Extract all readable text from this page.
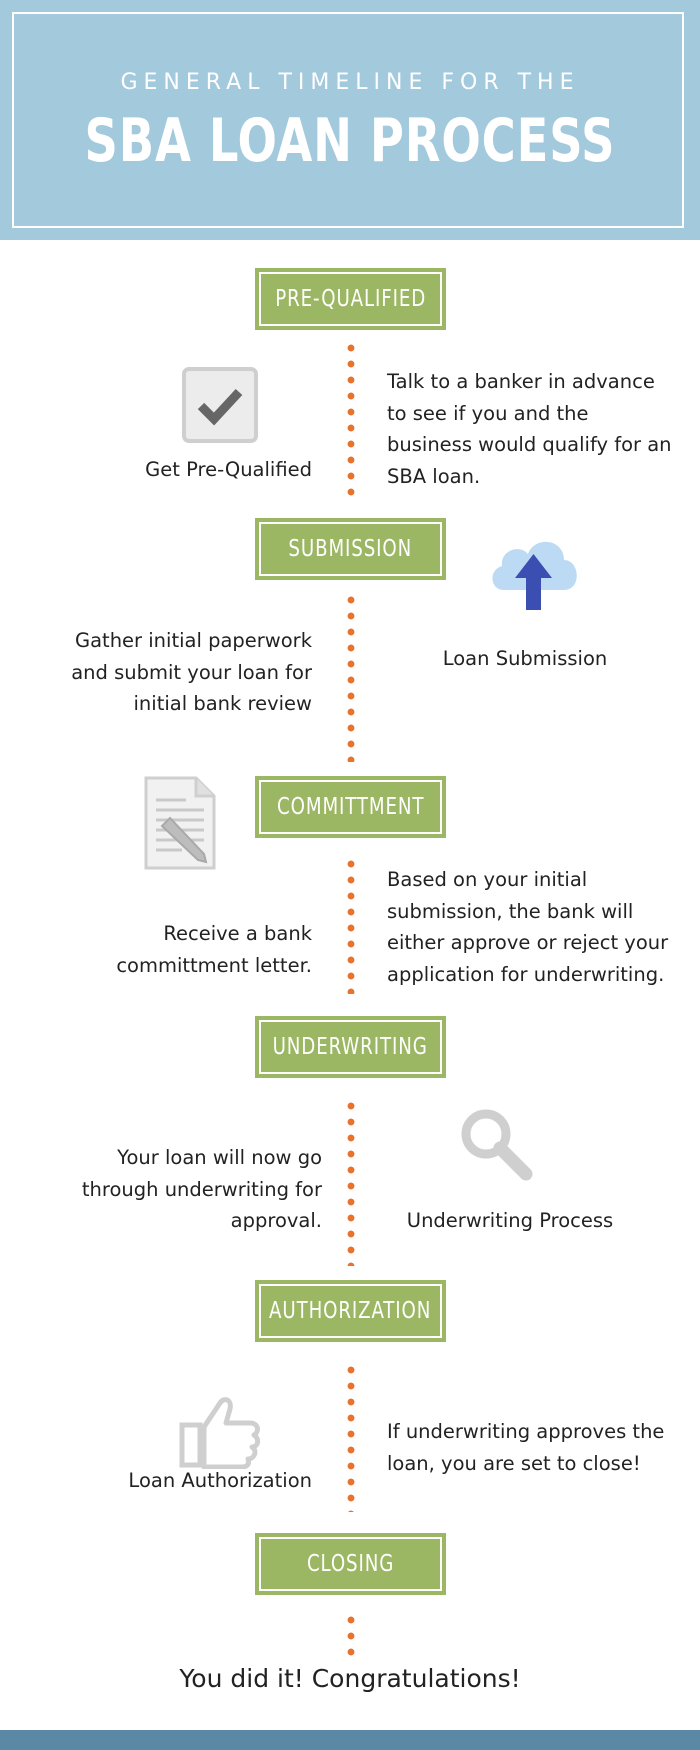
GENERAL TIMELINE FOR THE
SBA LOAN PROCESS
PRE-QUALIFIED
Get Pre-Qualified
Talk to a banker in advance to see if you and the business would qualify for an SBA loan.
SUBMISSION
Loan Submission
Gather initial paperwork and submit your loan for initial bank review
COMMITTMENT
Receive a bank committment letter.
Based on your initial submission, the bank will either approve or reject your application for underwriting.
UNDERWRITING
Underwriting Process
Your loan will now go through underwriting for approval.
AUTHORIZATION
Loan Authorization
If underwriting approves the loan, you are set to close!
CLOSING
You did it! Congratulations!
